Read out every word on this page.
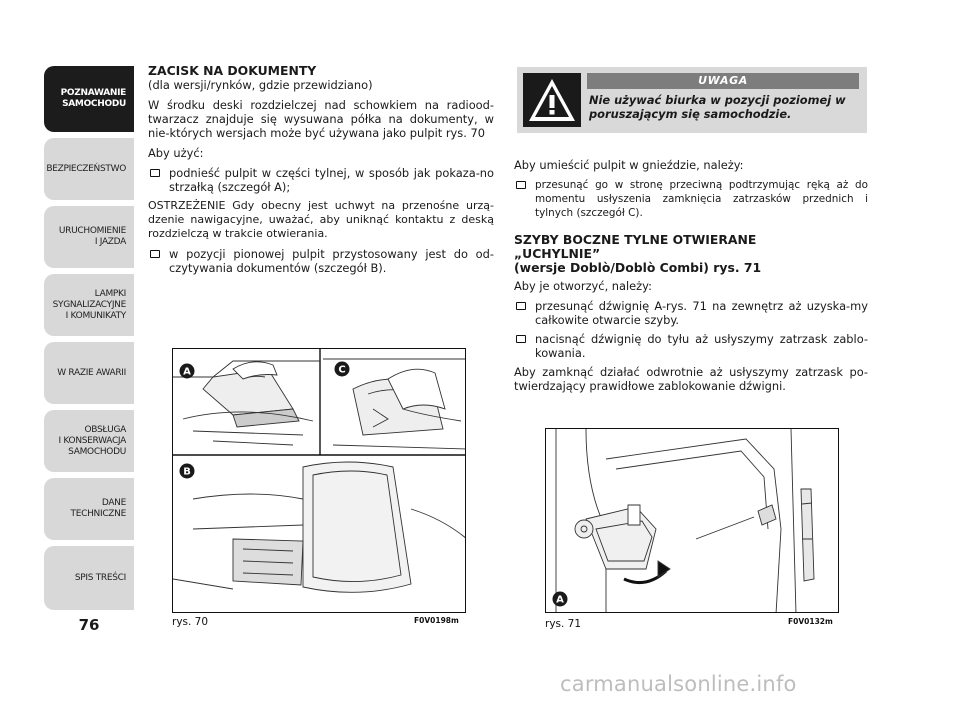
POZNAWANIE
SAMOCHODU
BEZPIECZEŃSTWO
URUCHOMIENIE
I JAZDA
LAMPKI
SYGNALIZACYJNE
I KOMUNIKATY
W RAZIE AWARII
OBSŁUGA
I KONSERWACJA
SAMOCHODU
DANE
TECHNICZNE
SPIS TREŚCI
76
ZACISK NA DOKUMENTY
(dla wersji/rynków, gdzie przewidziano)

W środku deski rozdzielczej nad schowkiem na radiood-twarzacz znajduje się wysuwana półka na dokumenty, w nie-których wersjach może być używana jako pulpit rys. 70

Aby użyć:

podnieść pulpit w części tylnej, w sposób jak pokaza-no strzałką (szczegół A);

OSTRZEŻENIE Gdy obecny jest uchwyt na przenośne urzą-dzenie nawigacyjne, uważać, aby uniknąć kontaktu z deską rozdzielczą w trakcie otwierania.

w pozycji pionowej pulpit przystosowany jest do od-czytywania dokumentów (szczegół B).
UWAGA
Nie używać biurka w pozycji poziomej w poruszającym się samochodzie.

Aby umieścić pulpit w gnieździe, należy:

przesunąć go w stronę przeciwną podtrzymując ręką aż do momentu usłyszenia zamknięcia zatrzasków przednich i tylnych (szczegół C).
SZYBY BOCZNE TYLNE OTWIERANE
„UCHYLNIE”
(wersje Doblò/Doblò Combi) rys. 71

Aby je otworzyć, należy:

przesunąć dźwignię A-rys. 71 na zewnętrz aż uzyska-my całkowite otwarcie szyby.
nacisnąć dźwignię do tyłu aż usłyszymy zatrzask zablo-kowania.

Aby zamknąć działać odwrotnie aż usłyszymy zatrzask po-twierdzający prawidłowe zablokowanie dźwigni.

A	C
B
rys. 70	F0V0198m
A
rys. 71	F0V0132m
carmanualsonline.info
